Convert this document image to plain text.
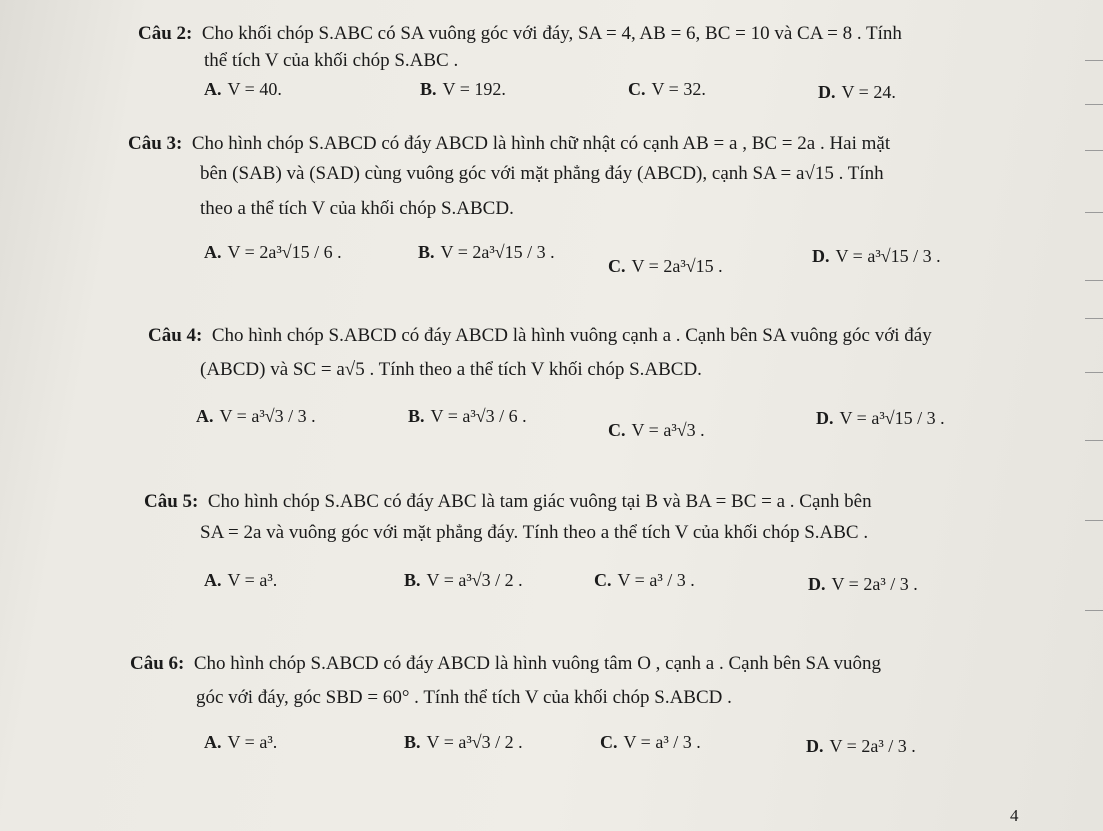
Câu 2: Cho khối chóp S.ABC có SA vuông góc với đáy, SA = 4, AB = 6, BC = 10 và CA = 8 . Tính
thể tích V của khối chóp S.ABC .
A. V = 40.	B. V = 192.	C. V = 32.	D. V = 24.
Câu 3: Cho hình chóp S.ABCD có đáy ABCD là hình chữ nhật có cạnh AB = a , BC = 2a . Hai mặt
bên (SAB) và (SAD) cùng vuông góc với mặt phẳng đáy (ABCD), cạnh SA = a√15 . Tính
theo a thể tích V của khối chóp S.ABCD.
A. V = 2a³√15 / 6 .	B. V = 2a³√15 / 3 .
C. V = 2a³√15 .	D. V = a³√15 / 3 .
Câu 4: Cho hình chóp S.ABCD có đáy ABCD là hình vuông cạnh a . Cạnh bên SA vuông góc với đáy
(ABCD) và SC = a√5 . Tính theo a thể tích V khối chóp S.ABCD.
A. V = a³√3 / 3 .	B. V = a³√3 / 6 .
C. V = a³√3 .
D. V = a³√15 / 3 .
Câu 5: Cho hình chóp S.ABC có đáy ABC là tam giác vuông tại B và BA = BC = a . Cạnh bên
SA = 2a và vuông góc với mặt phẳng đáy. Tính theo a thể tích V của khối chóp S.ABC .
A. V = a³.	B. V = a³√3 / 2 .	C. V = a³ / 3 .	D. V = 2a³ / 3 .
Câu 6: Cho hình chóp S.ABCD có đáy ABCD là hình vuông tâm O , cạnh a . Cạnh bên SA vuông
góc với đáy, góc SBD = 60° . Tính thể tích V của khối chóp S.ABCD .
A. V = a³.	B. V = a³√3 / 2 .	C. V = a³ / 3 .	D. V = 2a³ / 3 .
4
